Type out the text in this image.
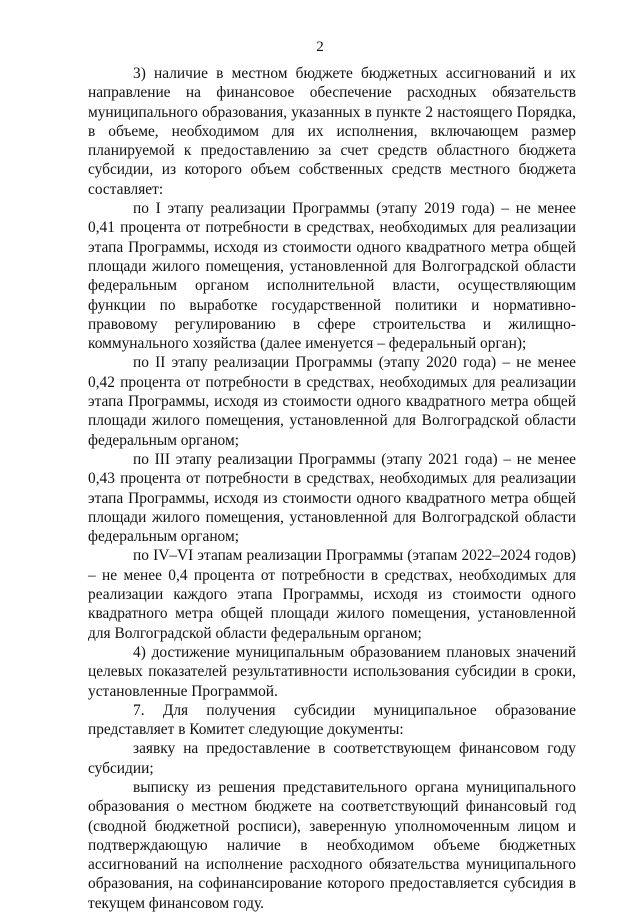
2

3) наличие в местном бюджете бюджетных ассигнований и их направление на финансовое обеспечение расходных обязательств муниципального образования, указанных в пункте 2 настоящего Порядка, в объеме, необходимом для их исполнения, включающем размер планируемой к предоставлению за счет средств областного бюджета субсидии, из которого объем собственных средств местного бюджета составляет:

по I этапу реализации Программы (этапу 2019 года) – не менее 0,41 процента от потребности в средствах, необходимых для реализации этапа Программы, исходя из стоимости одного квадратного метра общей площади жилого помещения, установленной для Волгоградской области федеральным органом исполнительной власти, осуществляющим функции по выработке государственной политики и нормативно-правовому регулированию в сфере строительства и жилищно-коммунального хозяйства (далее именуется – федеральный орган);

по II этапу реализации Программы (этапу 2020 года) – не менее 0,42 процента от потребности в средствах, необходимых для реализации этапа Программы, исходя из стоимости одного квадратного метра общей площади жилого помещения, установленной для Волгоградской области федеральным органом;

по III этапу реализации Программы (этапу 2021 года) – не менее 0,43 процента от потребности в средствах, необходимых для реализации этапа Программы, исходя из стоимости одного квадратного метра общей площади жилого помещения, установленной для Волгоградской области федеральным органом;

по IV–VI этапам реализации Программы (этапам 2022–2024 годов) – не менее 0,4 процента от потребности в средствах, необходимых для реализации каждого этапа Программы, исходя из стоимости одного квадратного метра общей площади жилого помещения, установленной для Волгоградской области федеральным органом;

4) достижение муниципальным образованием плановых значений целевых показателей результативности использования субсидии в сроки, установленные Программой.

7. Для получения субсидии муниципальное образование представляет в Комитет следующие документы:

заявку на предоставление в соответствующем финансовом году субсидии;

выписку из решения представительного органа муниципального образования о местном бюджете на соответствующий финансовый год (сводной бюджетной росписи), заверенную уполномоченным лицом и подтверждающую наличие в необходимом объеме бюджетных ассигнований на исполнение расходного обязательства муниципального образования, на софинансирование которого предоставляется субсидия в текущем финансовом году.
